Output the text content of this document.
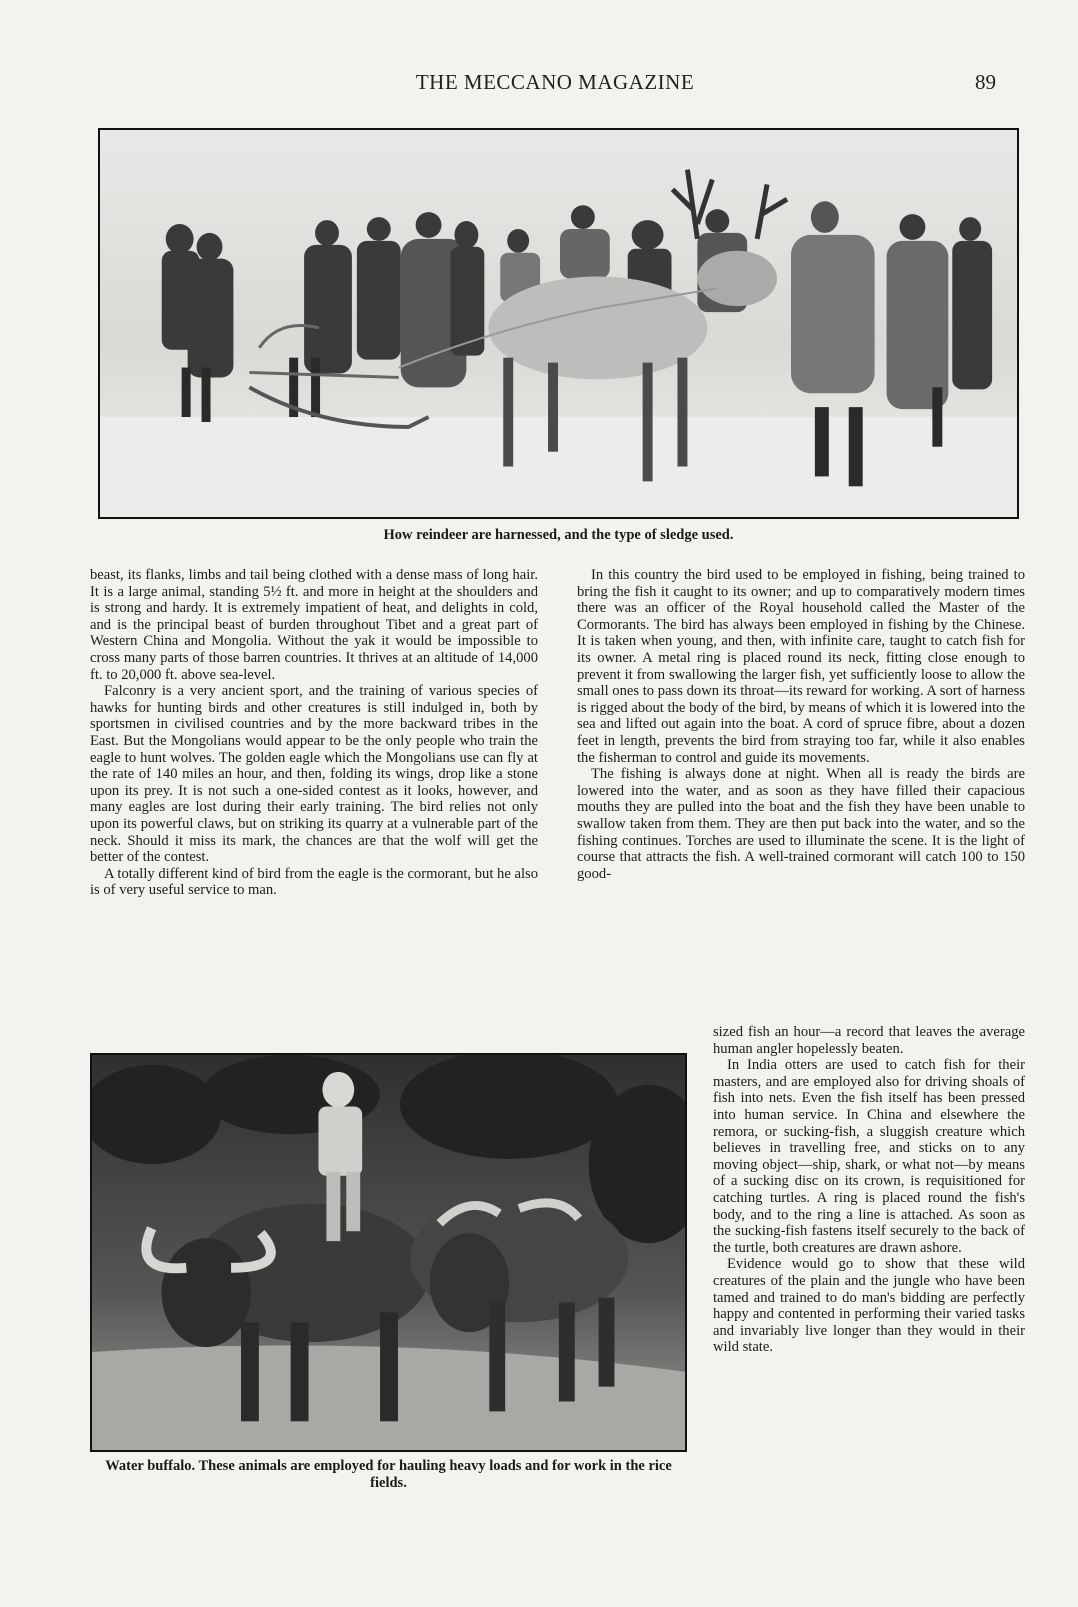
THE MECCANO MAGAZINE	89
How reindeer are harnessed, and the type of sledge used.

beast, its flanks, limbs and tail being clothed with a dense mass of long hair. It is a large animal, standing 5½ ft. and more in height at the shoulders and is strong and hardy. It is extremely impatient of heat, and delights in cold, and is the principal beast of burden throughout Tibet and a great part of Western China and Mongolia. Without the yak it would be impossible to cross many parts of those barren countries. It thrives at an altitude of 14,000 ft. to 20,000 ft. above sea-level.

Falconry is a very ancient sport, and the training of various species of hawks for hunting birds and other creatures is still indulged in, both by sportsmen in civilised countries and by the more backward tribes in the East. But the Mongolians would appear to be the only people who train the eagle to hunt wolves. The golden eagle which the Mongolians use can fly at the rate of 140 miles an hour, and then, folding its wings, drop like a stone upon its prey. It is not such a one-sided contest as it looks, however, and many eagles are lost during their early training. The bird relies not only upon its powerful claws, but on striking its quarry at a vulnerable part of the neck. Should it miss its mark, the chances are that the wolf will get the better of the contest.

A totally different kind of bird from the eagle is the cormorant, but he also is of very useful service to man.

In this country the bird used to be employed in fishing, being trained to bring the fish it caught to its owner; and up to comparatively modern times there was an officer of the Royal household called the Master of the Cormorants. The bird has always been employed in fishing by the Chinese. It is taken when young, and then, with infinite care, taught to catch fish for its owner. A metal ring is placed round its neck, fitting close enough to prevent it from swallowing the larger fish, yet sufficiently loose to allow the small ones to pass down its throat—its reward for working. A sort of harness is rigged about the body of the bird, by means of which it is lowered into the sea and lifted out again into the boat. A cord of spruce fibre, about a dozen feet in length, prevents the bird from straying too far, while it also enables the fisherman to control and guide its movements.

The fishing is always done at night. When all is ready the birds are lowered into the water, and as soon as they have filled their capacious mouths they are pulled into the boat and the fish they have been unable to swallow taken from them. They are then put back into the water, and so the fishing continues. Torches are used to illuminate the scene. It is the light of course that attracts the fish. A well-trained cormorant will catch 100 to 150 good-

sized fish an hour—a record that leaves the average human angler hopelessly beaten.

In India otters are used to catch fish for their masters, and are employed also for driving shoals of fish into nets. Even the fish itself has been pressed into human service. In China and elsewhere the remora, or sucking-fish, a sluggish creature which believes in travelling free, and sticks on to any moving object—ship, shark, or what not—by means of a sucking disc on its crown, is requisitioned for catching turtles. A ring is placed round the fish's body, and to the ring a line is attached. As soon as the sucking-fish fastens itself securely to the back of the turtle, both creatures are drawn ashore.

Evidence would go to show that these wild creatures of the plain and the jungle who have been tamed and trained to do man's bidding are perfectly happy and contented in performing their varied tasks and invariably live longer than they would in their wild state.

Water buffalo. These animals are employed for hauling heavy loads and for work in the rice fields.
